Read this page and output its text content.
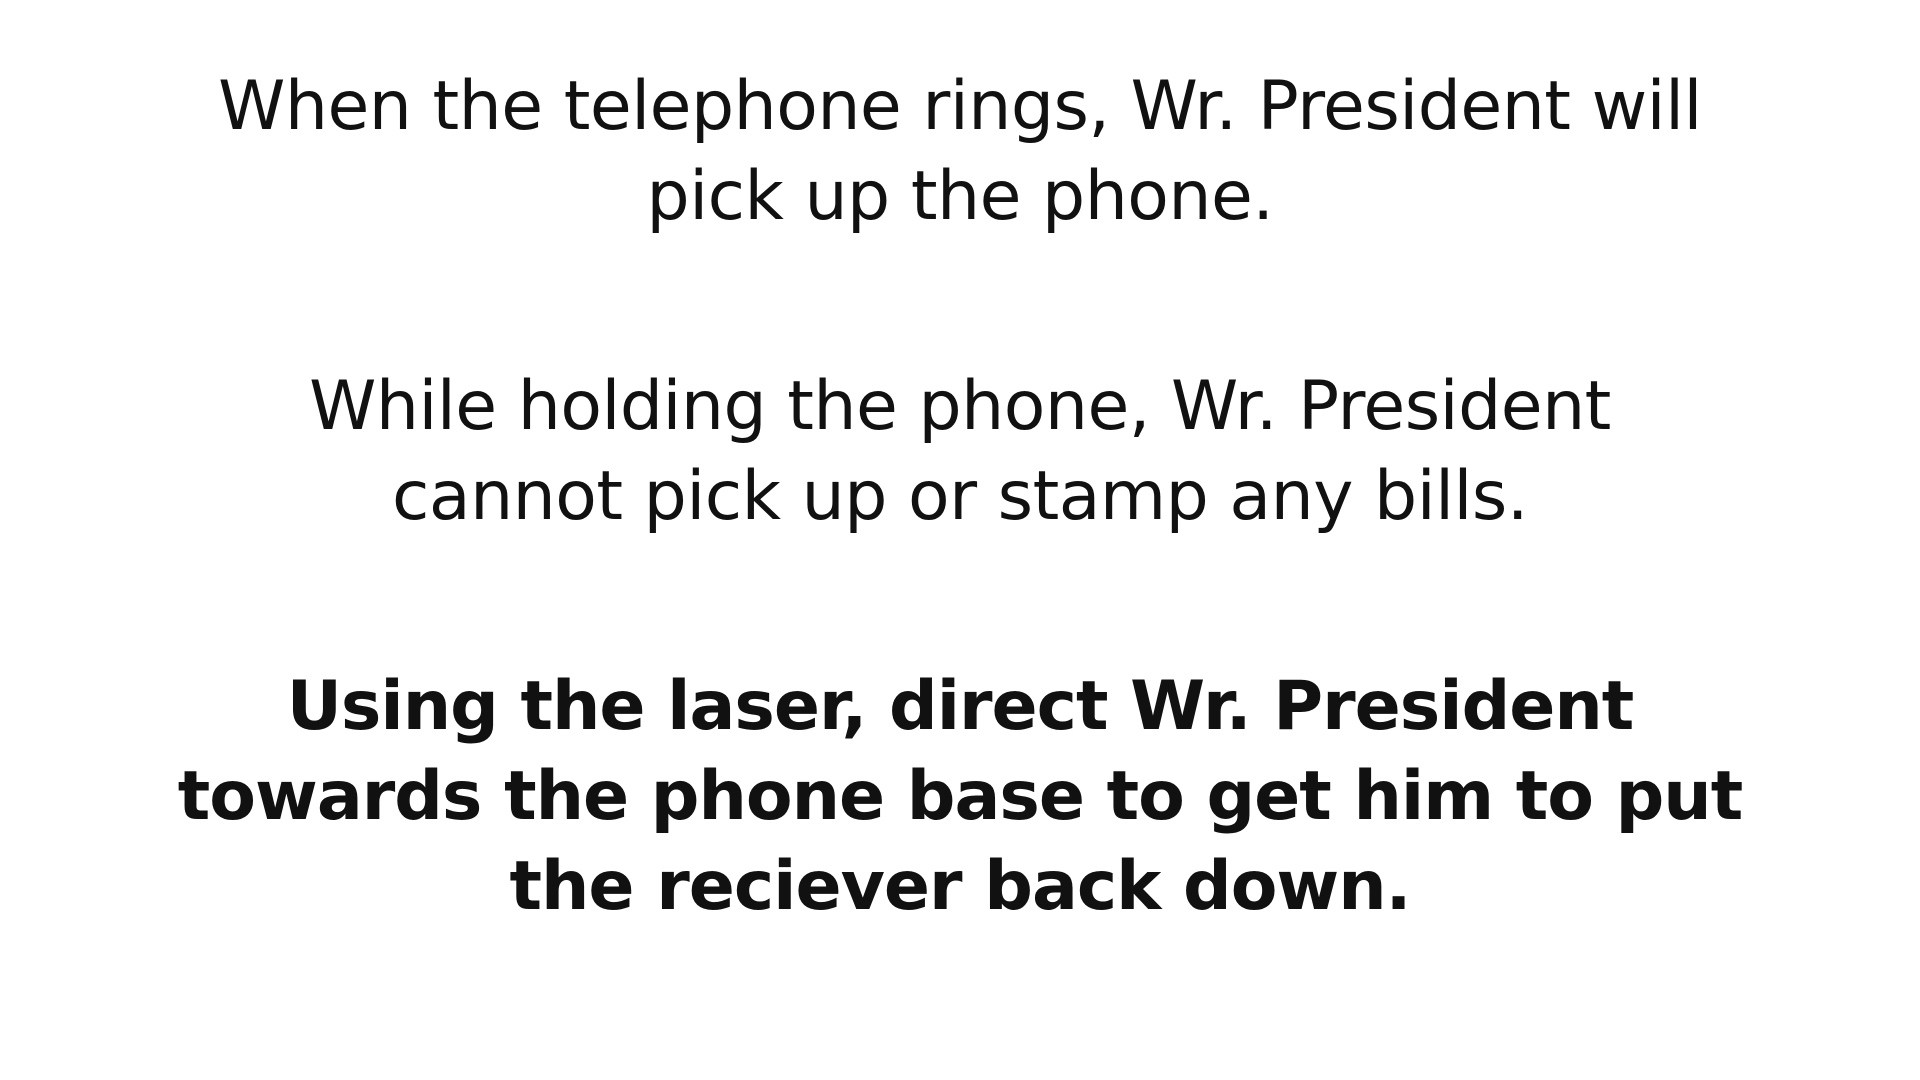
When the telephone rings, Wr. President will
pick up the phone.
While holding the phone, Wr. President
cannot pick up or stamp any bills.
Using the laser, direct Wr. President
towards the phone base to get him to put
the reciever back down.
